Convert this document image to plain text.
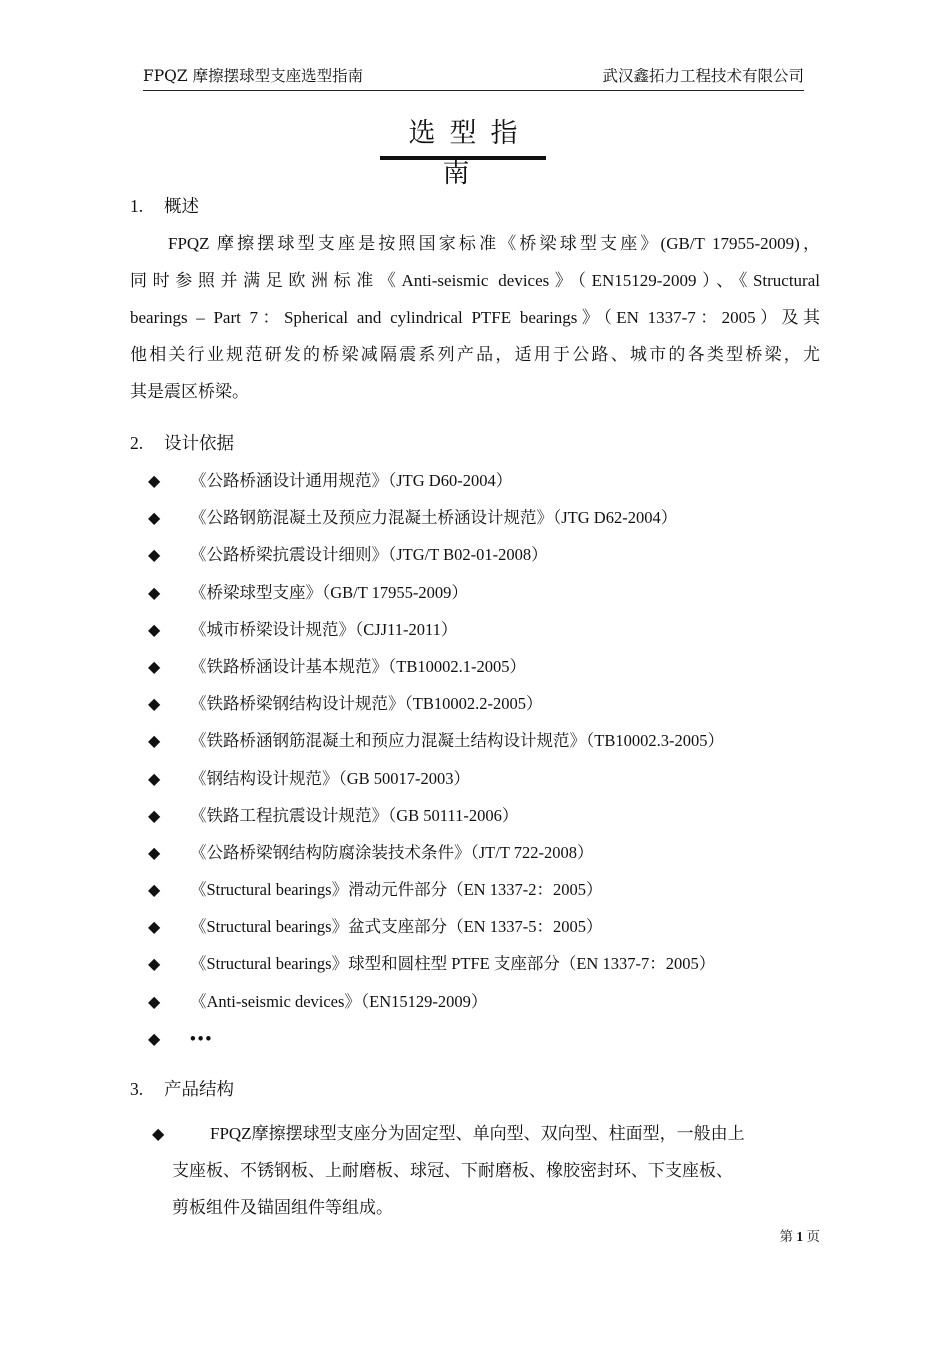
FPQZ 摩擦摆球型支座选型指南	武汉鑫拓力工程技术有限公司
选型指南
1. 概述
FPQZ 摩擦摆球型支座是按照国家标准《桥梁球型支座》(GB/T 17955-2009)，
同时参照并满足欧洲标准《Anti-seismic devices》（EN15129-2009）、《Structural
bearings – Part 7：Spherical and cylindrical PTFE bearings》（EN 1337-7：2005）及其
他相关行业规范研发的桥梁减隔震系列产品，适用于公路、城市的各类型桥梁，尤
其是震区桥梁。
2. 设计依据
◆	《公路桥涵设计通用规范》（JTG D60-2004）
◆	《公路钢筋混凝土及预应力混凝土桥涵设计规范》（JTG D62-2004）
◆	《公路桥梁抗震设计细则》（JTG/T B02-01-2008）
◆	《桥梁球型支座》（GB/T 17955-2009）
◆	《城市桥梁设计规范》（CJJ11-2011）
◆	《铁路桥涵设计基本规范》（TB10002.1-2005）
◆	《铁路桥梁钢结构设计规范》（TB10002.2-2005）
◆	《铁路桥涵钢筋混凝土和预应力混凝土结构设计规范》（TB10002.3-2005）
◆	《钢结构设计规范》（GB 50017-2003）
◆	《铁路工程抗震设计规范》（GB 50111-2006）
◆	《公路桥梁钢结构防腐涂装技术条件》（JT/T 722-2008）
◆	《Structural bearings》滑动元件部分（EN 1337-2：2005）
◆	《Structural bearings》盆式支座部分（EN 1337-5：2005）
◆	《Structural bearings》球型和圆柱型 PTFE 支座部分（EN 1337-7：2005）
◆	《Anti-seismic devices》（EN15129-2009）
◆	•••
3. 产品结构
◆	FPQZ摩擦摆球型支座分为固定型、单向型、双向型、柱面型，一般由上
支座板、不锈钢板、上耐磨板、球冠、下耐磨板、橡胶密封环、下支座板、
剪板组件及锚固组件等组成。
第 1 页
